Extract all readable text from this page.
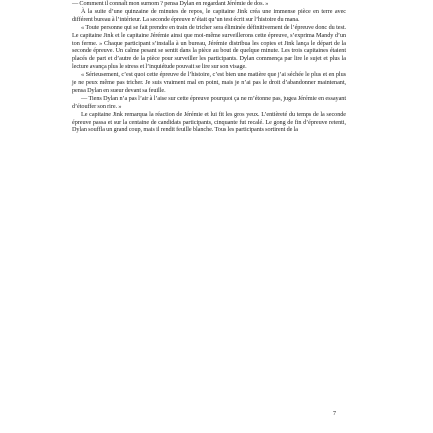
— Comment il connaît mon surnom ? pensa Dylan en regardant Jérémie de dos. »

À la suite d’une quinzaine de minutes de repos, le capitaine Jink créa une immense pièce en terre avec différent bureau à l’intérieur. La seconde épreuve n’était qu’un test écrit sur l’histoire du mana.

« Toute personne qui se fait prendre en train de tricher sera éliminée définitivement de l’épreuve donc du test. Le capitaine Jink et le capitaine Jérémie ainsi que moi-même surveillerons cette épreuve, s’exprima Mandy d’un ton ferme. » Chaque participant s’installa à un bureau, Jérémie distribua les copies et Jink lança le départ de la seconde épreuve. Un calme pesant se sentit dans la pièce au bout de quelque minute. Les trois capitaines étaient placés de part et d’autre de la pièce pour surveiller les participants. Dylan commença par lire le sujet et plus la lecture avança plus le stress et l’inquiétude pouvait se lire sur son visage.

« Sérieusement, c’est quoi cette épreuve de l’histoire, c’est bien une matière que j’ai séchée le plus et en plus je ne peux même pas tricher. Je suis vraiment mal en point, mais je n’ai pas le droit d’abandonner maintenant, pensa Dylan en sueur devant sa feuille.

— Tiens Dylan n’a pas l’air à l’aise sur cette épreuve pourquoi ça ne m’étonne pas, jugea Jérémie en essayant d’étouffer son rire. »

Le capitaine Jink remarqua la réaction de Jérémie et lui fit les gros yeux. L’entièreté du temps de la seconde épreuve passa et sur la centaine de candidats participants, cinquante fut recalé. Le gong de fin d’épreuve retenti, Dylan souffla un grand coup, mais il rendit feuille blanche. Tous les participants sortirent de la

7
